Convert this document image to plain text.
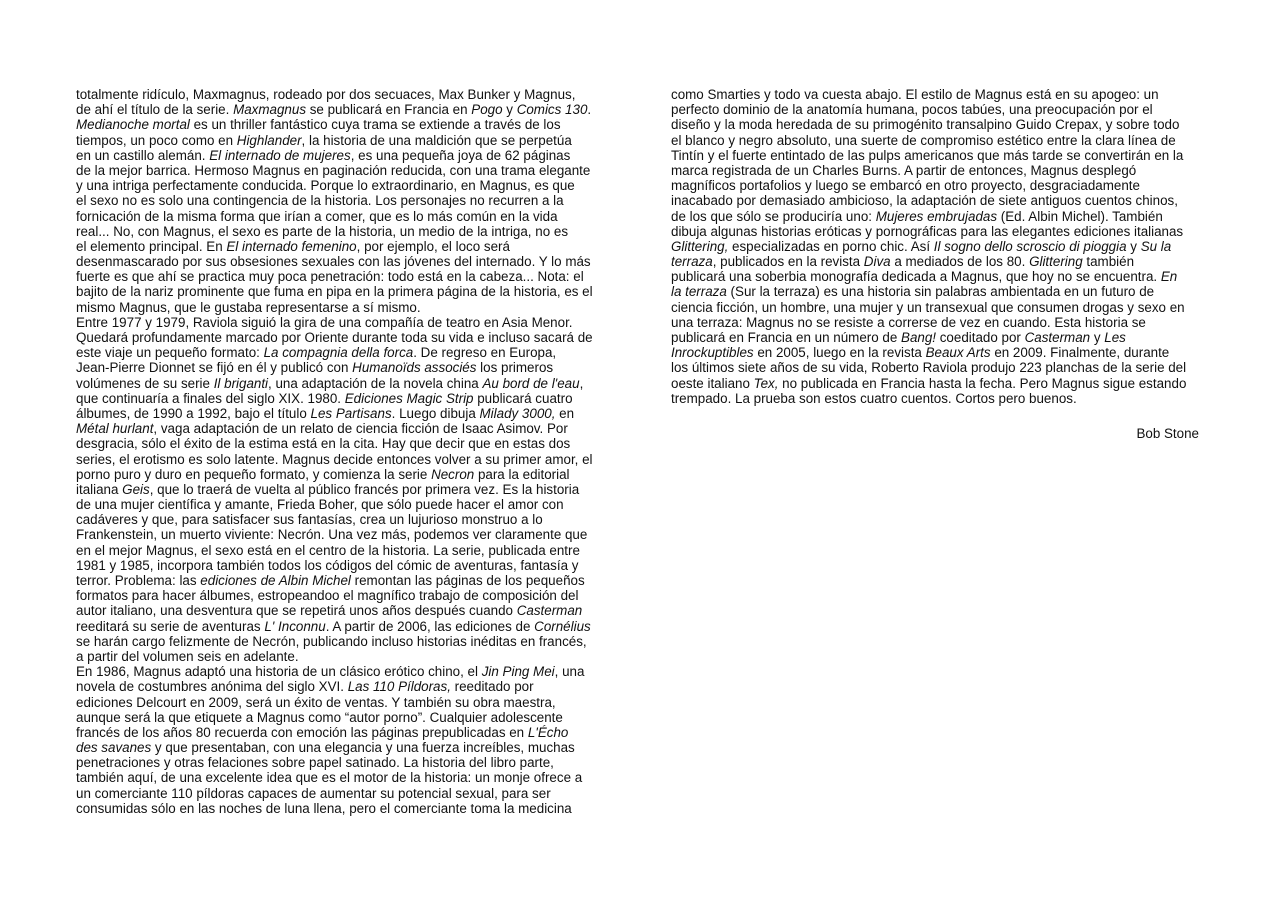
totalmente ridículo, Maxmagnus, rodeado por dos secuaces, Max Bunker y Magnus,
de ahí el título de la serie. Maxmagnus se publicará en Francia en Pogo y Comics 130.
Medianoche mortal es un thriller fantástico cuya trama se extiende a través de los
tiempos, un poco como en Highlander, la historia de una maldición que se perpetúa
en un castillo alemán. El internado de mujeres, es una pequeña joya de 62 páginas
de la mejor barrica. Hermoso Magnus en paginación reducida, con una trama elegante
y una intriga perfectamente conducida. Porque lo extraordinario, en Magnus, es que
el sexo no es solo una contingencia de la historia. Los personajes no recurren a la
fornicación de la misma forma que irían a comer, que es lo más común en la vida
real... No, con Magnus, el sexo es parte de la historia, un medio de la intriga, no es
el elemento principal. En El internado femenino, por ejemplo, el loco será
desenmascarado por sus obsesiones sexuales con las jóvenes del internado. Y lo más
fuerte es que ahí se practica muy poca penetración: todo está en la cabeza... Nota: el
bajito de la nariz prominente que fuma en pipa en la primera página de la historia, es el
mismo Magnus, que le gustaba representarse a sí mismo.
Entre 1977 y 1979, Raviola siguió la gira de una compañía de teatro en Asia Menor.
Quedará profundamente marcado por Oriente durante toda su vida e incluso sacará de
este viaje un pequeño formato: La compagnia della forca. De regreso en Europa,
Jean-Pierre Dionnet se fijó en él y publicó con Humanoïds associés los primeros
volúmenes de su serie Il briganti, una adaptación de la novela china Au bord de l'eau,
que continuaría a finales del siglo XIX. 1980. Ediciones Magic Strip publicará cuatro
álbumes, de 1990 a 1992, bajo el título Les Partisans. Luego dibuja Milady 3000, en
Métal hurlant, vaga adaptación de un relato de ciencia ficción de Isaac Asimov. Por
desgracia, sólo el éxito de la estima está en la cita. Hay que decir que en estas dos
series, el erotismo es solo latente. Magnus decide entonces volver a su primer amor, el
porno puro y duro en pequeño formato, y comienza la serie Necron para la editorial
italiana Geis, que lo traerá de vuelta al público francés por primera vez. Es la historia
de una mujer científica y amante, Frieda Boher, que sólo puede hacer el amor con
cadáveres y que, para satisfacer sus fantasías, crea un lujurioso monstruo a lo
Frankenstein, un muerto viviente: Necrón. Una vez más, podemos ver claramente que
en el mejor Magnus, el sexo está en el centro de la historia. La serie, publicada entre
1981 y 1985, incorpora también todos los códigos del cómic de aventuras, fantasía y
terror. Problema: las ediciones de Albin Michel remontan las páginas de los pequeños
formatos para hacer álbumes, estropeandoo el magnífico trabajo de composición del
autor italiano, una desventura que se repetirá unos años después cuando Casterman
reeditará su serie de aventuras L' Inconnu. A partir de 2006, las ediciones de Cornélius
se harán cargo felizmente de Necrón, publicando incluso historias inéditas en francés,
a partir del volumen seis en adelante.
En 1986, Magnus adaptó una historia de un clásico erótico chino, el Jin Ping Mei, una
novela de costumbres anónima del siglo XVI. Las 110 Píldoras, reeditado por
ediciones Delcourt en 2009, será un éxito de ventas. Y también su obra maestra,
aunque será la que etiquete a Magnus como “autor porno”. Cualquier adolescente
francés de los años 80 recuerda con emoción las páginas prepublicadas en L'Écho
des savanes y que presentaban, con una elegancia y una fuerza increíbles, muchas
penetraciones y otras felaciones sobre papel satinado. La historia del libro parte,
también aquí, de una excelente idea que es el motor de la historia: un monje ofrece a
un comerciante 110 píldoras capaces de aumentar su potencial sexual, para ser
consumidas sólo en las noches de luna llena, pero el comerciante toma la medicina
como Smarties y todo va cuesta abajo. El estilo de Magnus está en su apogeo: un
perfecto dominio de la anatomía humana, pocos tabúes, una preocupación por el
diseño y la moda heredada de su primogénito transalpino Guido Crepax, y sobre todo
el blanco y negro absoluto, una suerte de compromiso estético entre la clara línea de
Tintín y el fuerte entintado de las pulps americanos que más tarde se convertirán en la
marca registrada de un Charles Burns. A partir de entonces, Magnus desplegó
magníficos portafolios y luego se embarcó en otro proyecto, desgraciadamente
inacabado por demasiado ambicioso, la adaptación de siete antiguos cuentos chinos,
de los que sólo se produciría uno: Mujeres embrujadas (Ed. Albin Michel). También
dibuja algunas historias eróticas y pornográficas para las elegantes ediciones italianas
Glittering, especializadas en porno chic. Así Il sogno dello scroscio di pioggia y Su la
terraza, publicados en la revista Diva a mediados de los 80. Glittering también
publicará una soberbia monografía dedicada a Magnus, que hoy no se encuentra. En
la terraza (Sur la terraza) es una historia sin palabras ambientada en un futuro de
ciencia ficción, un hombre, una mujer y un transexual que consumen drogas y sexo en
una terraza: Magnus no se resiste a correrse de vez en cuando. Esta historia se
publicará en Francia en un número de Bang! coeditado por Casterman y Les
Inrockuptibles en 2005, luego en la revista Beaux Arts en 2009. Finalmente, durante
los últimos siete años de su vida, Roberto Raviola produjo 223 planchas de la serie del
oeste italiano Tex, no publicada en Francia hasta la fecha. Pero Magnus sigue estando
trempado. La prueba son estos cuatro cuentos. Cortos pero buenos.
Bob Stone
